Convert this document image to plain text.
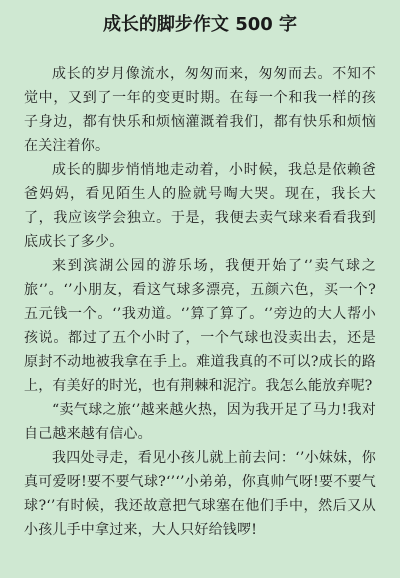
成长的脚步作文 500 字

成长的岁月像流水，匆匆而来，匆匆而去。不知不觉中，又到了一年的变更时期。在每一个和我一样的孩子身边，都有快乐和烦恼灌溉着我们，都有快乐和烦恼在关注着你。

成长的脚步悄悄地走动着，小时候，我总是依赖爸爸妈妈，看见陌生人的脸就号啕大哭。现在，我长大了，我应该学会独立。于是，我便去卖气球来看看我到底成长了多少。

来到滨湖公园的游乐场，我便开始了‘’卖气球之旅‘’。‘’小朋友，看这气球多漂亮，五颜六色，买一个?五元钱一个。‘’我劝道。‘’算了算了。‘’旁边的大人帮小孩说。都过了五个小时了，一个气球也没卖出去，还是原封不动地被我拿在手上。难道我真的不可以?成长的路上，有美好的时光，也有荆棘和泥泞。我怎么能放弃呢?

“卖气球之旅‘’越来越火热，因为我开足了马力!我对自己越来越有信心。

我四处寻走，看见小孩儿就上前去问：‘’小妹妹，你真可爱呀!要不要气球?‘’‘’小弟弟，你真帅气呀!要不要气球?‘’有时候，我还故意把气球塞在他们手中，然后又从小孩儿手中拿过来，大人只好给钱啰!
